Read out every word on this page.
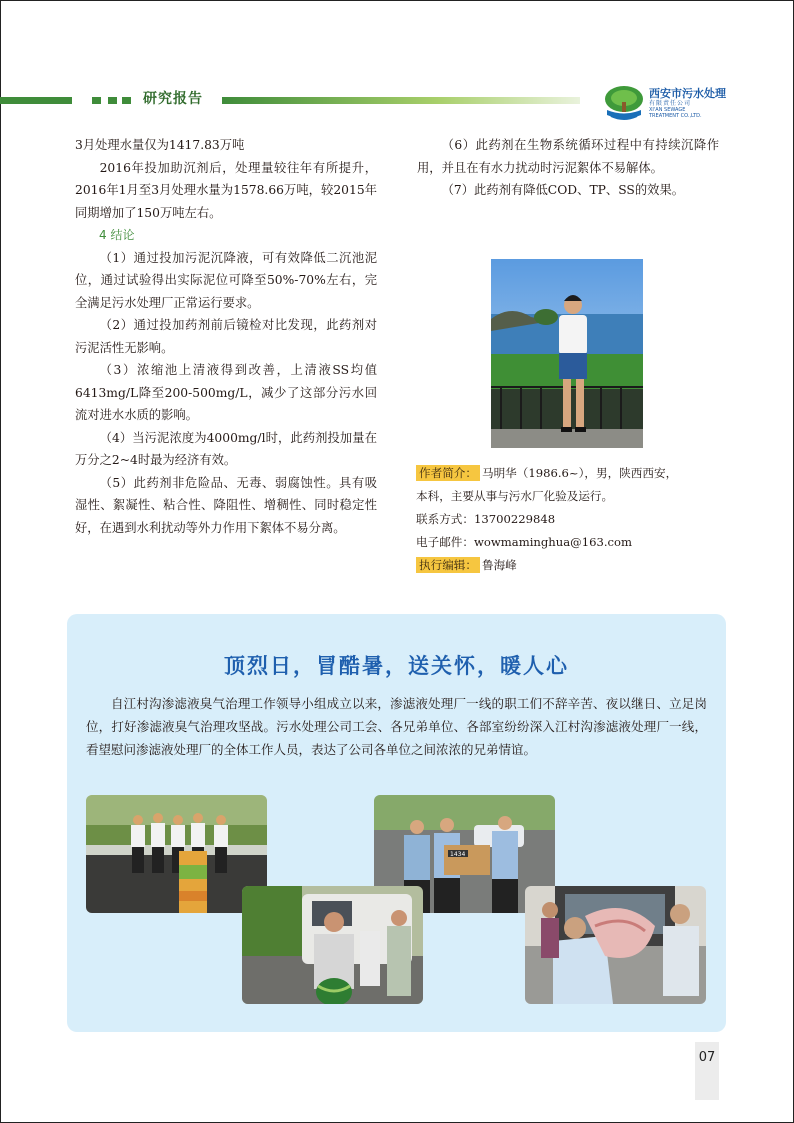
研究报告	西安市污水处理
有限责任公司
XI'AN SEWAGE
TREATMENT CO.,LTD.

3月处理水量仅为1417.83万吨

2016年投加助沉剂后，处理量较往年有所提升，2016年1月至3月处理水量为1578.66万吨，较2015年同期增加了150万吨左右。

4 结论

（1）通过投加污泥沉降液，可有效降低二沉池泥位，通过试验得出实际泥位可降至50%-70%左右，完全满足污水处理厂正常运行要求。

（2）通过投加药剂前后镜检对比发现，此药剂对污泥活性无影响。

（3）浓缩池上清液得到改善，上清液SS均值6413mg/L降至200-500mg/L，减少了这部分污水回流对进水水质的影响。

（4）当污泥浓度为4000mg/l时，此药剂投加量在万分之2~4时最为经济有效。

（5）此药剂非危险品、无毒、弱腐蚀性。具有吸湿性、絮凝性、粘合性、降阻性、增稠性、同时稳定性好，在遇到水利扰动等外力作用下絮体不易分离。

（6）此药剂在生物系统循环过程中有持续沉降作用，并且在有水力扰动时污泥絮体不易解体。

（7）此药剂有降低COD、TP、SS的效果。

作者简介： 马明华（1986.6~），男，陕西西安，

本科，主要从事与污水厂化验及运行。

联系方式：13700229848

电子邮件：wowmaminghua@163.com

执行编辑： 鲁海峰

顶烈日，冒酷暑，送关怀，暖人心

自江村沟渗滤液臭气治理工作领导小组成立以来，渗滤液处理厂一线的职工们不辞辛苦、夜以继日、立足岗位，打好渗滤液臭气治理攻坚战。污水处理公司工会、各兄弟单位、各部室纷纷深入江村沟渗滤液处理厂一线，看望慰问渗滤液处理厂的全体工作人员，表达了公司各单位之间浓浓的兄弟情谊。

1434
07
